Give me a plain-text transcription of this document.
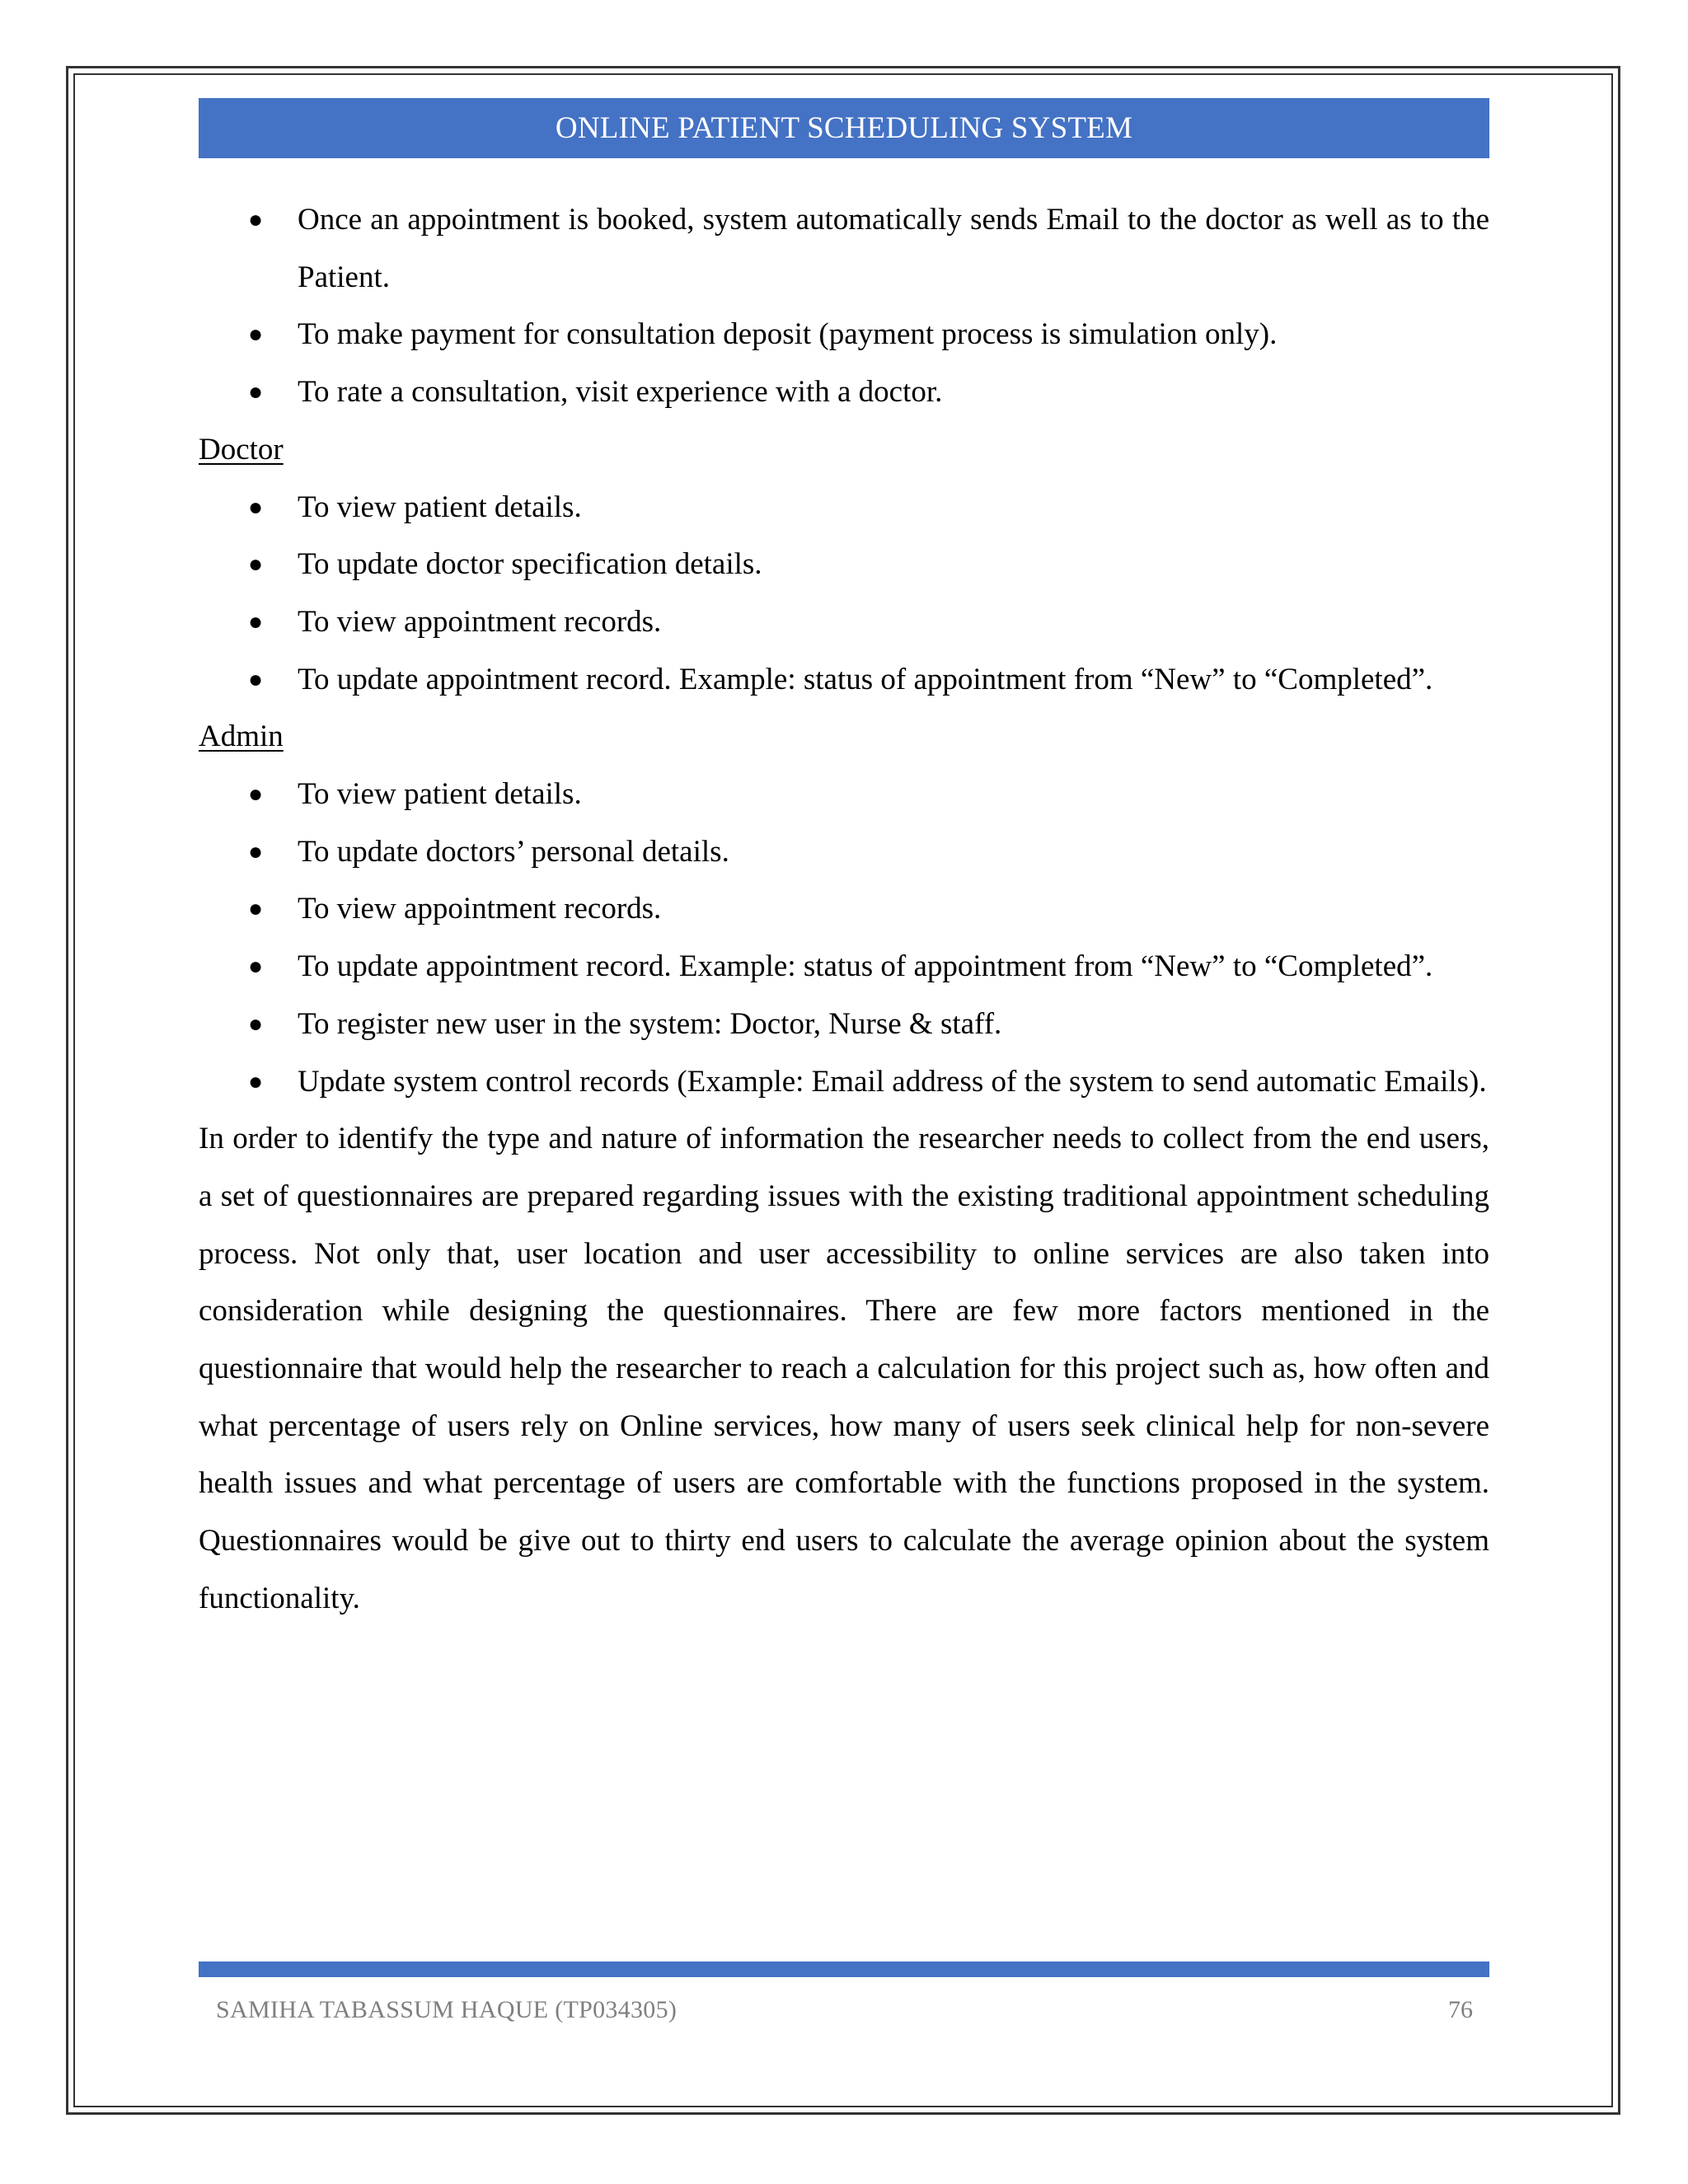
ONLINE PATIENT SCHEDULING SYSTEM
● Once an appointment is booked, system automatically sends Email to the doctor as well as to the Patient.
● To make payment for consultation deposit (payment process is simulation only).
● To rate a consultation, visit experience with a doctor.
Doctor
● To view patient details.
● To update doctor specification details.
● To view appointment records.
● To update appointment record. Example: status of appointment from “New” to “Completed”.
Admin
● To view patient details.
● To update doctors’ personal details.
● To view appointment records.
● To update appointment record. Example: status of appointment from “New” to “Completed”.
● To register new user in the system: Doctor, Nurse & staff.
● Update system control records (Example: Email address of the system to send automatic Emails).

In order to identify the type and nature of information the researcher needs to collect from the end users, a set of questionnaires are prepared regarding issues with the existing traditional appointment scheduling process. Not only that, user location and user accessibility to online services are also taken into consideration while designing the questionnaires. There are few more factors mentioned in the questionnaire that would help the researcher to reach a calculation for this project such as, how often and what percentage of users rely on Online services, how many of users seek clinical help for non-severe health issues and what percentage of users are comfortable with the functions proposed in the system. Questionnaires would be give out to thirty end users to calculate the average opinion about the system functionality.

SAMIHA TABASSUM HAQUE (TP034305)	76
